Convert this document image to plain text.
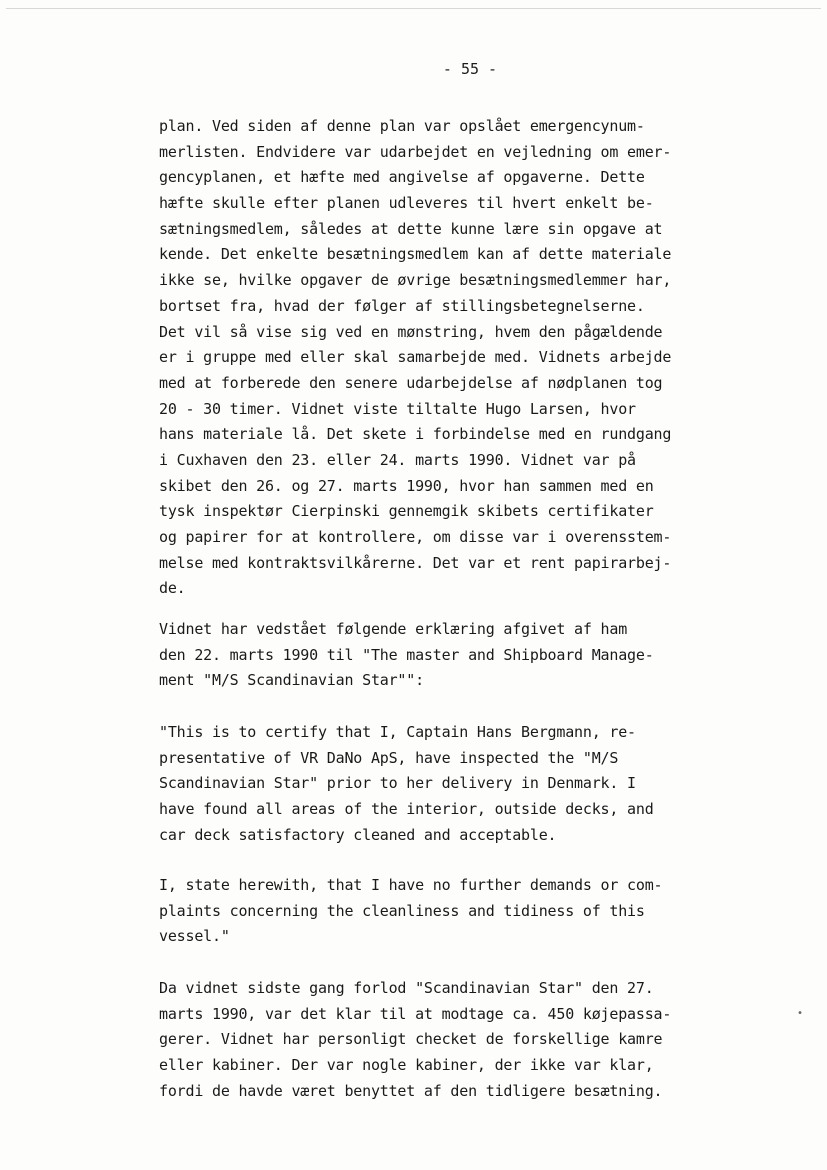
- 55 -
plan. Ved siden af denne plan var opslået emergencynum-
merlisten. Endvidere var udarbejdet en vejledning om emer-
gencyplanen, et hæfte med angivelse af opgaverne. Dette
hæfte skulle efter planen udleveres til hvert enkelt be-
sætningsmedlem, således at dette kunne lære sin opgave at
kende. Det enkelte besætningsmedlem kan af dette materiale
ikke se, hvilke opgaver de øvrige besætningsmedlemmer har,
bortset fra, hvad der følger af stillingsbetegnelserne.
Det vil så vise sig ved en mønstring, hvem den pågældende
er i gruppe med eller skal samarbejde med. Vidnets arbejde
med at forberede den senere udarbejdelse af nødplanen tog
20 - 30 timer. Vidnet viste tiltalte Hugo Larsen, hvor
hans materiale lå. Det skete i forbindelse med en rundgang
i Cuxhaven den 23. eller 24. marts 1990. Vidnet var på
skibet den 26. og 27. marts 1990, hvor han sammen med en
tysk inspektør Cierpinski gennemgik skibets certifikater
og papirer for at kontrollere, om disse var i overensstem-
melse med kontraktsvilkårerne. Det var et rent papirarbej-
de.
Vidnet har vedstået følgende erklæring afgivet af ham
den 22. marts 1990 til "The master and Shipboard Manage-
ment "M/S Scandinavian Star"":
"This is to certify that I, Captain Hans Bergmann, re-
presentative of VR DaNo ApS, have inspected the "M/S
Scandinavian Star" prior to her delivery in Denmark. I
have found all areas of the interior, outside decks, and
car deck satisfactory cleaned and acceptable.
I, state herewith, that I have no further demands or com-
plaints concerning the cleanliness and tidiness of this
vessel."
Da vidnet sidste gang forlod "Scandinavian Star" den 27.
marts 1990, var det klar til at modtage ca. 450 køjepassa-
gerer. Vidnet har personligt checket de forskellige kamre
eller kabiner. Der var nogle kabiner, der ikke var klar,
fordi de havde været benyttet af den tidligere besætning.
•
